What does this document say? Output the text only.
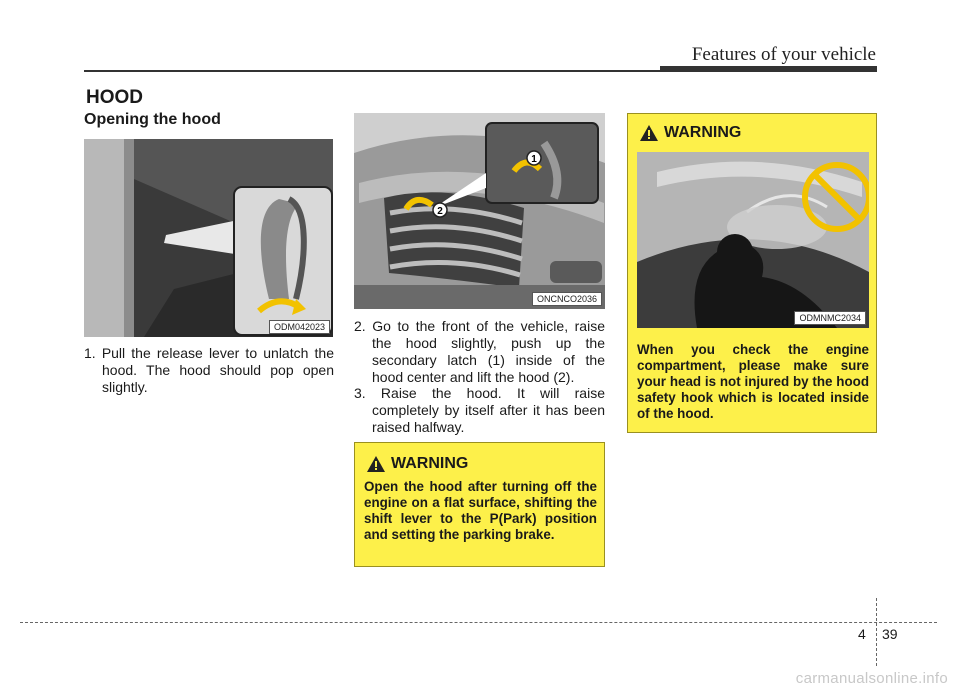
Features of your vehicle
HOOD
Opening the hood
ODM042023
1. Pull the release lever to unlatch the hood. The hood should pop open slightly.
1
2
ONCNCO2036
2. Go to the front of the vehicle, raise the hood slightly, push up the secondary latch (1) inside of the hood center and lift the hood (2).
3. Raise the hood. It will raise completely by itself after it has been raised halfway.
WARNING
ODMNMC2034
When you check the engine compartment, please make sure your head is not injured by the hood safety hook which is located inside of the hood.
WARNING
Open the hood after turning off the engine on a flat surface, shifting the shift lever to the P(Park) position and setting the parking brake.
4 39
carmanualsonline.info
